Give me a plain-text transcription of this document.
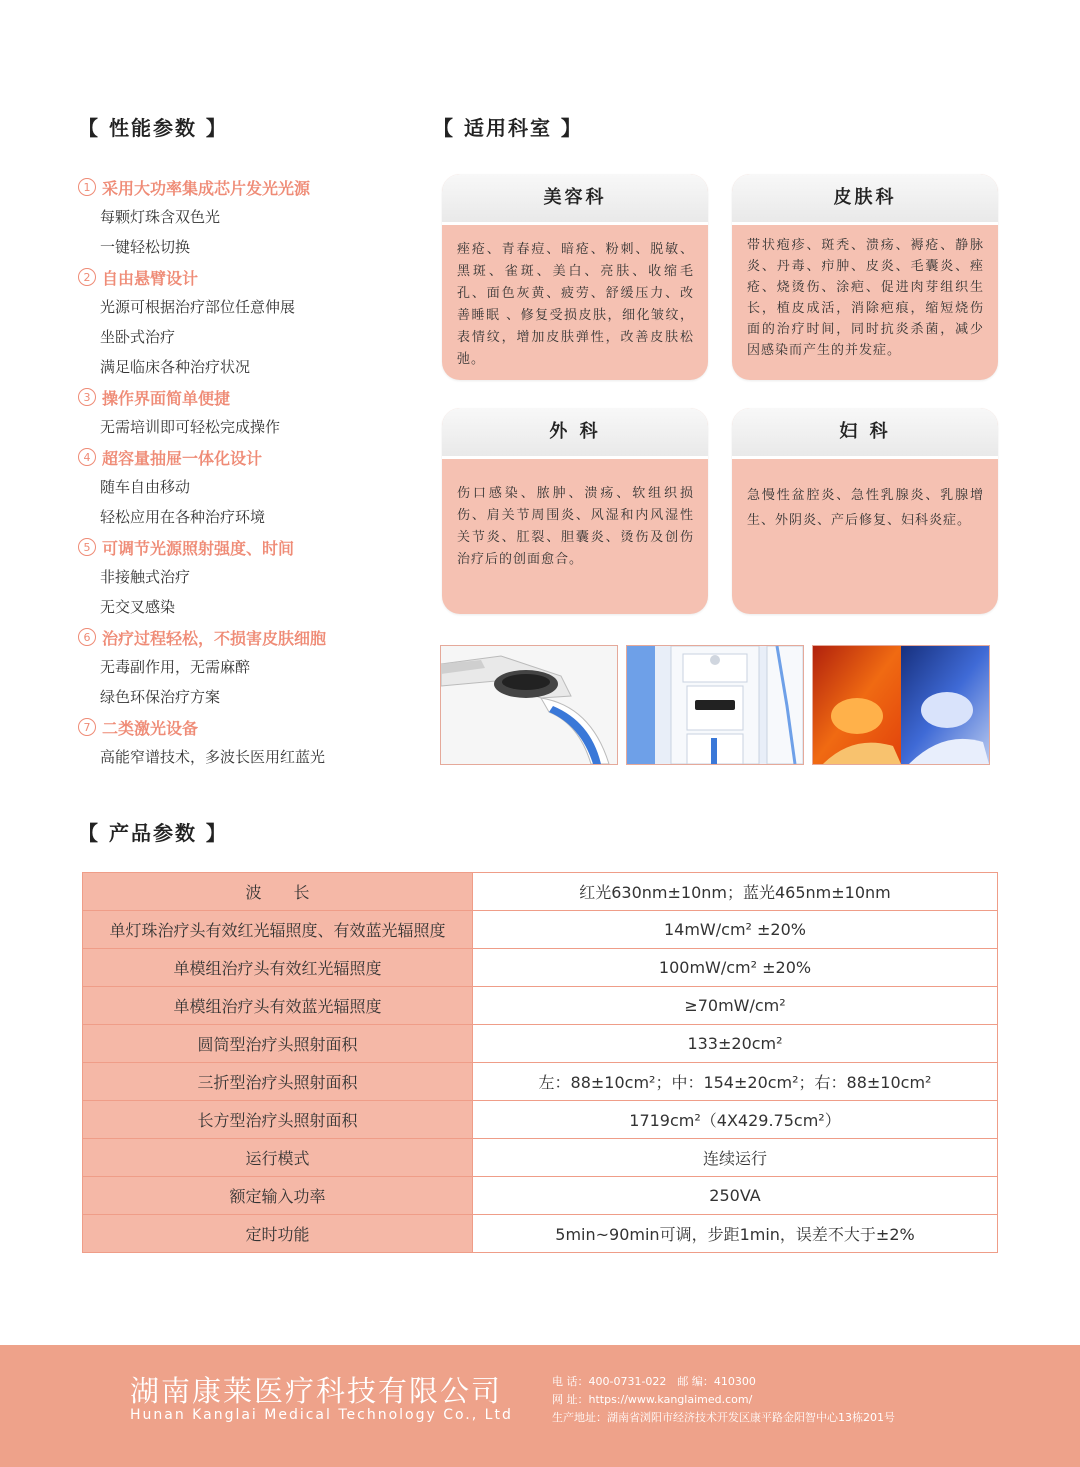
【 性能参数 】	【 适用科室 】
【 产品参数 】
1 采用大功率集成芯片发光光源
每颗灯珠含双色光
一键轻松切换
2 自由悬臂设计
光源可根据治疗部位任意伸展
坐卧式治疗
满足临床各种治疗状况
3 操作界面简单便捷
无需培训即可轻松完成操作
4 超容量抽屉一体化设计
随车自由移动
轻松应用在各种治疗环境
5 可调节光源照射强度、时间
非接触式治疗
无交叉感染
6 治疗过程轻松，不损害皮肤细胞
无毒副作用，无需麻醉
绿色环保治疗方案
7 二类激光设备
高能窄谱技术，多波长医用红蓝光
美容科
痤疮、青春痘、暗疮、粉刺、脱敏、黑斑、雀斑、美白、亮肤、收缩毛孔、面色灰黄、疲劳、舒缓压力、改善睡眠 、修复受损皮肤，细化皱纹，表情纹，增加皮肤弹性，改善皮肤松弛。
皮肤科
带状疱疹、斑秃、溃疡、褥疮、静脉炎、丹毒、疖肿、皮炎、毛囊炎、痤疮、烧烫伤、涂疤、促进肉芽组织生长，植皮成活，消除疤痕，缩短烧伤面的治疗时间，同时抗炎杀菌，减少因感染而产生的并发症。
外 科
伤口感染、脓肿、溃疡、软组织损伤、肩关节周围炎、风湿和内风湿性关节炎、肛裂、胆囊炎、烫伤及创伤治疗后的创面愈合。
妇 科
急慢性盆腔炎、急性乳腺炎、乳腺增生、外阴炎、产后修复、妇科炎症。
波　　长	红光630nm±10nm；蓝光465nm±10nm
单灯珠治疗头有效红光辐照度、有效蓝光辐照度	14mW/cm² ±20%
单模组治疗头有效红光辐照度	100mW/cm² ±20%
单模组治疗头有效蓝光辐照度	≥70mW/cm²
圆筒型治疗头照射面积	133±20cm²
三折型治疗头照射面积	左：88±10cm²；中：154±20cm²；右：88±10cm²
长方型治疗头照射面积	1719cm²（4X429.75cm²）
运行模式	连续运行
额定输入功率	250VA
定时功能	5min~90min可调，步距1min，误差不大于±2%
湖南康莱医疗科技有限公司
Hunan Kanglai Medical Technology Co., Ltd
电 话：400-0731-022　邮 编：410300
网 址：https://www.kanglaimed.com/
生产地址：湖南省浏阳市经济技术开发区康平路金阳智中心13栋201号
